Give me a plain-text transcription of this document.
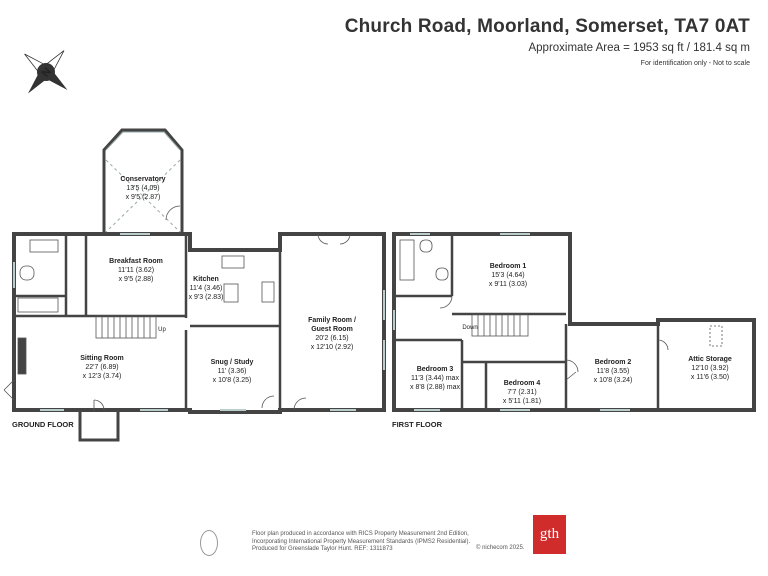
Church Road, Moorland, Somerset, TA7 0AT
Approximate Area = 1953 sq ft / 181.4 sq m
For identification only - Not to scale
N
Conservatory
13'5 (4.09)
x 9'5 (2.87)
Breakfast Room
11'11 (3.62)
x 9'5 (2.88)	Kitchen
11'4 (3.46)
x 9'3 (2.83)
Family Room /
Guest Room
20'2 (6.15)
x 12'10 (2.92)
Sitting Room
22'7 (6.89)
x 12'3 (3.74)
Snug / Study
11' (3.36)
x 10'8 (3.25)
Up
GROUND FLOOR
Bedroom 1
15'3 (4.64)
x 9'11 (3.03)
Bedroom 3
11'3 (3.44) max
x 8'8 (2.88) max
Bedroom 4
7'7 (2.31)
x 5'11 (1.81)
Bedroom 2
11'8 (3.55)
x 10'8 (3.24)
Attic Storage
12'10 (3.92)
x 11'6 (3.50)
Down
FIRST FLOOR
Floor plan produced in accordance with RICS Property Measurement 2nd Edition,
Incorporating International Property Measurement Standards (IPMS2 Residential).
Produced for Greenslade Taylor Hunt. REF: 1311873	© nichecom 2025.
gth
